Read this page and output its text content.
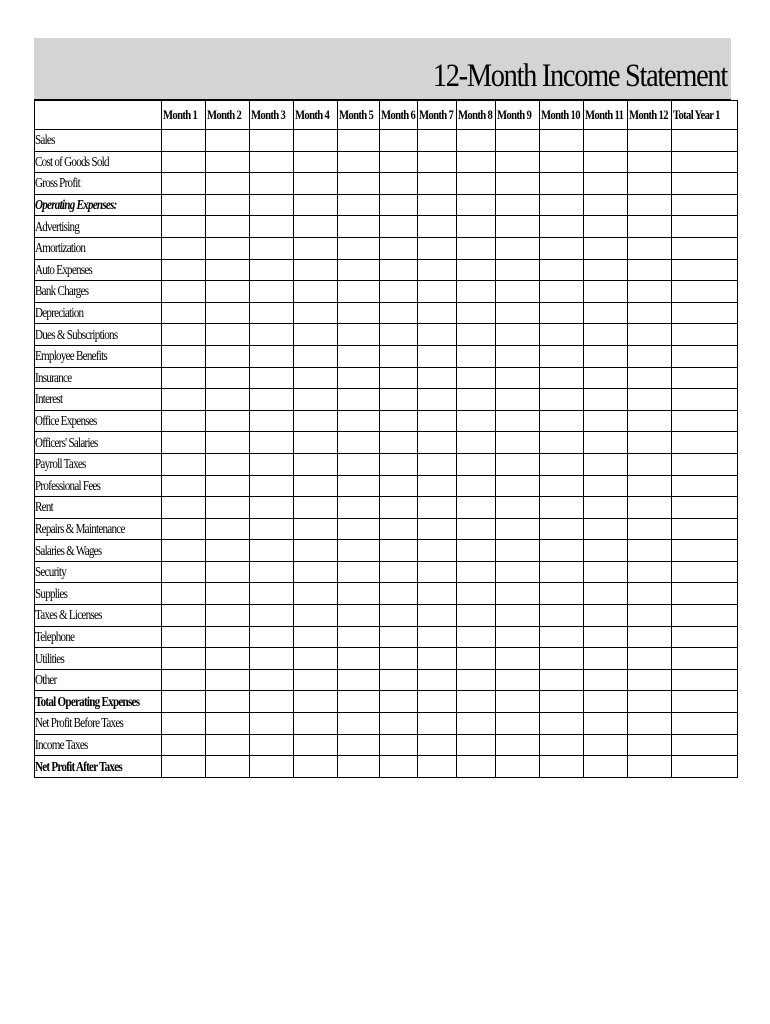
12-Month Income Statement
	Month 1	Month 2	Month 3	Month 4	Month 5	Month 6	Month 7	Month 8	Month 9	Month 10	Month 11	Month 12	Total Year 1
Sales													
Cost of Goods Sold													
Gross Profit													
Operating Expenses:													
Advertising													
Amortization													
Auto Expenses													
Bank Charges													
Depreciation													
Dues & Subscriptions													
Employee Benefits													
Insurance													
Interest													
Office Expenses													
Officers' Salaries													
Payroll Taxes													
Professional Fees													
Rent													
Repairs & Maintenance													
Salaries & Wages													
Security													
Supplies													
Taxes & Licenses													
Telephone													
Utilities													
Other													
Total Operating Expenses													
Net Profit Before Taxes													
Income Taxes													
Net Profit After Taxes													
